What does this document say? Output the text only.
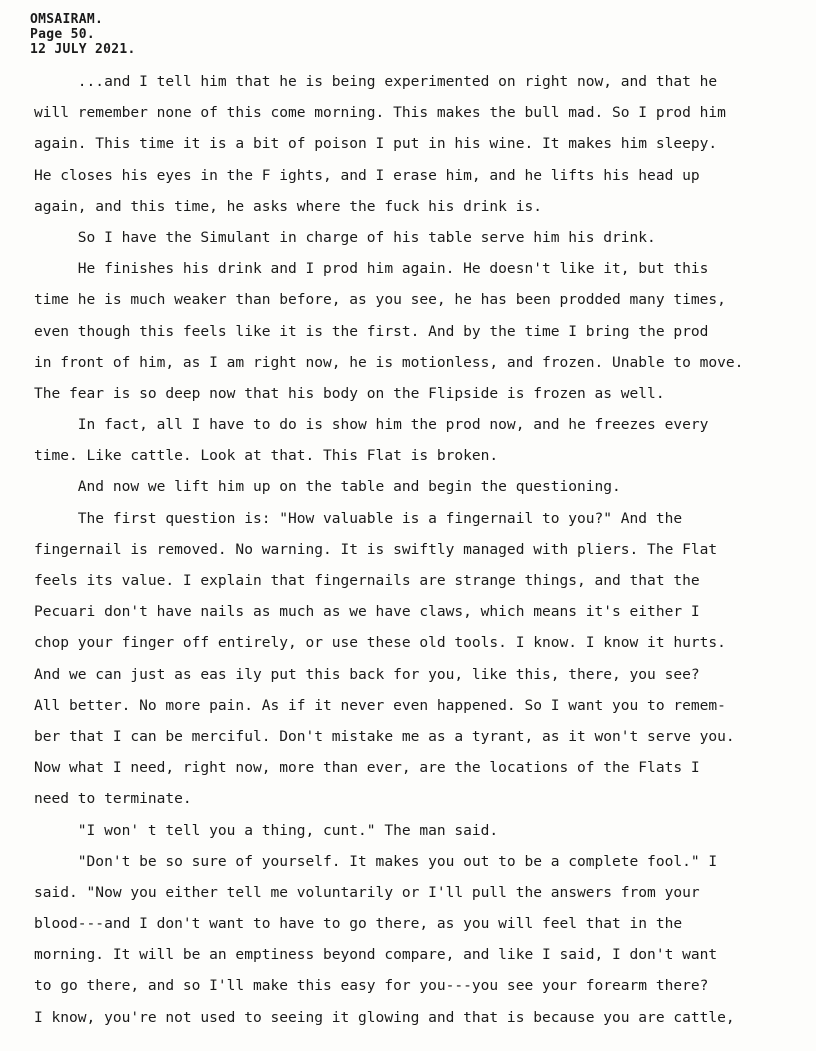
OMSAIRAM.
Page 50.
12 JULY 2021.
...and I tell him that he is being experimented on right now, and that he
will remember none of this come morning. This makes the bull mad. So I prod him
again. This time it is a bit of poison I put in his wine. It makes him sleepy.
He closes his eyes in the F ights, and I erase him, and he lifts his head up
again, and this time, he asks where the fuck his drink is.
So I have the Simulant in charge of his table serve him his drink.
He finishes his drink and I prod him again. He doesn't like it, but this
time he is much weaker than before, as you see, he has been prodded many times,
even though this feels like it is the first. And by the time I bring the prod
in front of him, as I am right now, he is motionless, and frozen. Unable to move.
The fear is so deep now that his body on the Flipside is frozen as well.
In fact, all I have to do is show him the prod now, and he freezes every
time. Like cattle. Look at that. This Flat is broken.
And now we lift him up on the table and begin the questioning.
The first question is: "How valuable is a fingernail to you?" And the
fingernail is removed. No warning. It is swiftly managed with pliers. The Flat
feels its value. I explain that fingernails are strange things, and that the
Pecuari don't have nails as much as we have claws, which means it's either I
chop your finger off entirely, or use these old tools. I know. I know it hurts.
And we can just as eas ily put this back for you, like this, there, you see?
All better. No more pain. As if it never even happened. So I want you to remem-
ber that I can be merciful. Don't mistake me as a tyrant, as it won't serve you.
Now what I need, right now, more than ever, are the locations of the Flats I
need to terminate.
"I won' t tell you a thing, cunt." The man said.
"Don't be so sure of yourself. It makes you out to be a complete fool." I
said. "Now you either tell me voluntarily or I'll pull the answers from your
blood---and I don't want to have to go there, as you will feel that in the
morning. It will be an emptiness beyond compare, and like I said, I don't want
to go there, and so I'll make this easy for you---you see your forearm there?
I know, you're not used to seeing it glowing and that is because you are cattle,
